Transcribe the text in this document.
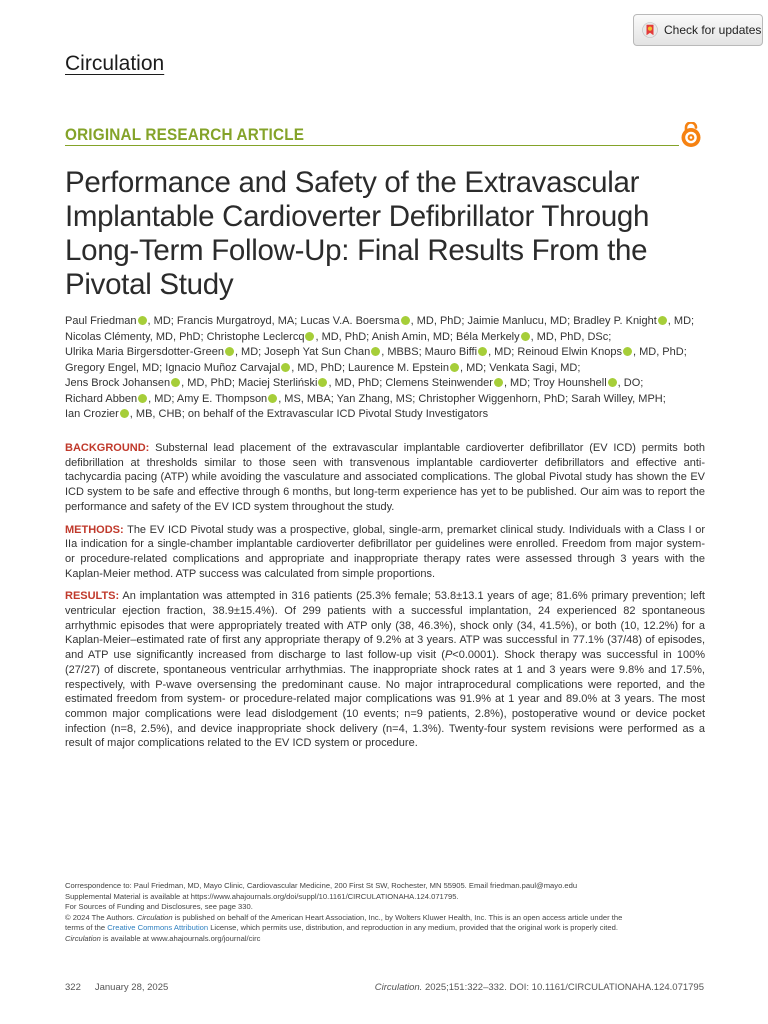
Check for updates
Circulation
ORIGINAL RESEARCH ARTICLE
Performance and Safety of the Extravascular Implantable Cardioverter Defibrillator Through Long-Term Follow-Up: Final Results From the Pivotal Study
Paul Friedman , MD; Francis Murgatroyd, MA; Lucas V.A. Boersma , MD, PhD; Jaimie Manlucu, MD; Bradley P. Knight , MD;
Nicolas Clémenty, MD, PhD; Christophe Leclercq , MD, PhD; Anish Amin, MD; Béla Merkely , MD, PhD, DSc;
Ulrika Maria Birgersdotter-Green , MD; Joseph Yat Sun Chan , MBBS; Mauro Biffi , MD; Reinoud Elwin Knops , MD, PhD;
Gregory Engel, MD; Ignacio Muñoz Carvajal , MD, PhD; Laurence M. Epstein , MD; Venkata Sagi, MD;
Jens Brock Johansen , MD, PhD; Maciej Sterliński , MD, PhD; Clemens Steinwender , MD; Troy Hounshell , DO;
Richard Abben , MD; Amy E. Thompson , MS, MBA; Yan Zhang, MS; Christopher Wiggenhorn, PhD; Sarah Willey, MPH;
Ian Crozier , MB, CHB; on behalf of the Extravascular ICD Pivotal Study Investigators

BACKGROUND: Substernal lead placement of the extravascular implantable cardioverter defibrillator (EV ICD) permits both defibrillation at thresholds similar to those seen with transvenous implantable cardioverter defibrillators and effective anti-tachycardia pacing (ATP) while avoiding the vasculature and associated complications. The global Pivotal study has shown the EV ICD system to be safe and effective through 6 months, but long-term experience has yet to be published. Our aim was to report the performance and safety of the EV ICD system throughout the study.

METHODS: The EV ICD Pivotal study was a prospective, global, single-arm, premarket clinical study. Individuals with a Class I or IIa indication for a single-chamber implantable cardioverter defibrillator per guidelines were enrolled. Freedom from major system- or procedure-related complications and appropriate and inappropriate therapy rates were assessed through 3 years with the Kaplan-Meier method. ATP success was calculated from simple proportions.

RESULTS: An implantation was attempted in 316 patients (25.3% female; 53.8±13.1 years of age; 81.6% primary prevention; left ventricular ejection fraction, 38.9±15.4%). Of 299 patients with a successful implantation, 24 experienced 82 spontaneous arrhythmic episodes that were appropriately treated with ATP only (38, 46.3%), shock only (34, 41.5%), or both (10, 12.2%) for a Kaplan-Meier–estimated rate of first any appropriate therapy of 9.2% at 3 years. ATP was successful in 77.1% (37/48) of episodes, and ATP use significantly increased from discharge to last follow-up visit (P<0.0001). Shock therapy was successful in 100% (27/27) of discrete, spontaneous ventricular arrhythmias. The inappropriate shock rates at 1 and 3 years were 9.8% and 17.5%, respectively, with P-wave oversensing the predominant cause. No major intraprocedural complications were reported, and the estimated freedom from system- or procedure-related major complications was 91.9% at 1 year and 89.0% at 3 years. The most common major complications were lead dislodgement (10 events; n=9 patients, 2.8%), postoperative wound or device pocket infection (n=8, 2.5%), and device inappropriate shock delivery (n=4, 1.3%). Twenty-four system revisions were performed as a result of major complications related to the EV ICD system or procedure.

Correspondence to: Paul Friedman, MD, Mayo Clinic, Cardiovascular Medicine, 200 First St SW, Rochester, MN 55905. Email friedman.paul@mayo.edu
Supplemental Material is available at https://www.ahajournals.org/doi/suppl/10.1161/CIRCULATIONAHA.124.071795.
For Sources of Funding and Disclosures, see page 330.
© 2024 The Authors. Circulation is published on behalf of the American Heart Association, Inc., by Wolters Kluwer Health, Inc. This is an open access article under the
terms of the Creative Commons Attribution License, which permits use, distribution, and reproduction in any medium, provided that the original work is properly cited.
Circulation is available at www.ahajournals.org/journal/circ
322 January 28, 2025	Circulation. 2025;151:322–332. DOI: 10.1161/CIRCULATIONAHA.124.071795
